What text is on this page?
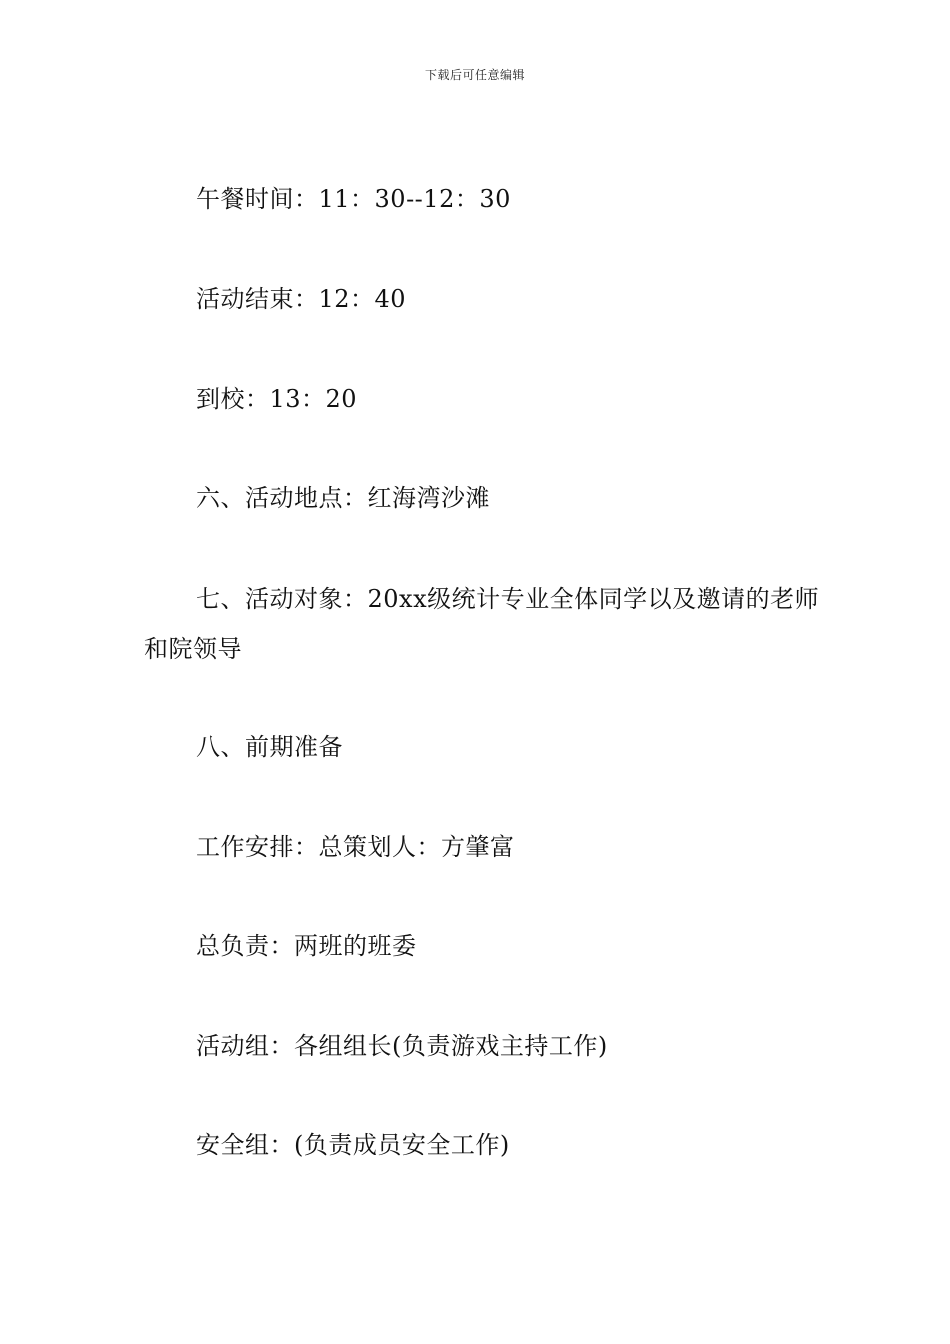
下载后可任意编辑
午餐时间：11：30--12：30
活动结束：12：40
到校：13：20
六、活动地点：红海湾沙滩
七、活动对象：20xx级统计专业全体同学以及邀请的老师和院领导
八、前期准备
工作安排：总策划人：方肇富
总负责：两班的班委
活动组：各组组长(负责游戏主持工作)
安全组：(负责成员安全工作)
